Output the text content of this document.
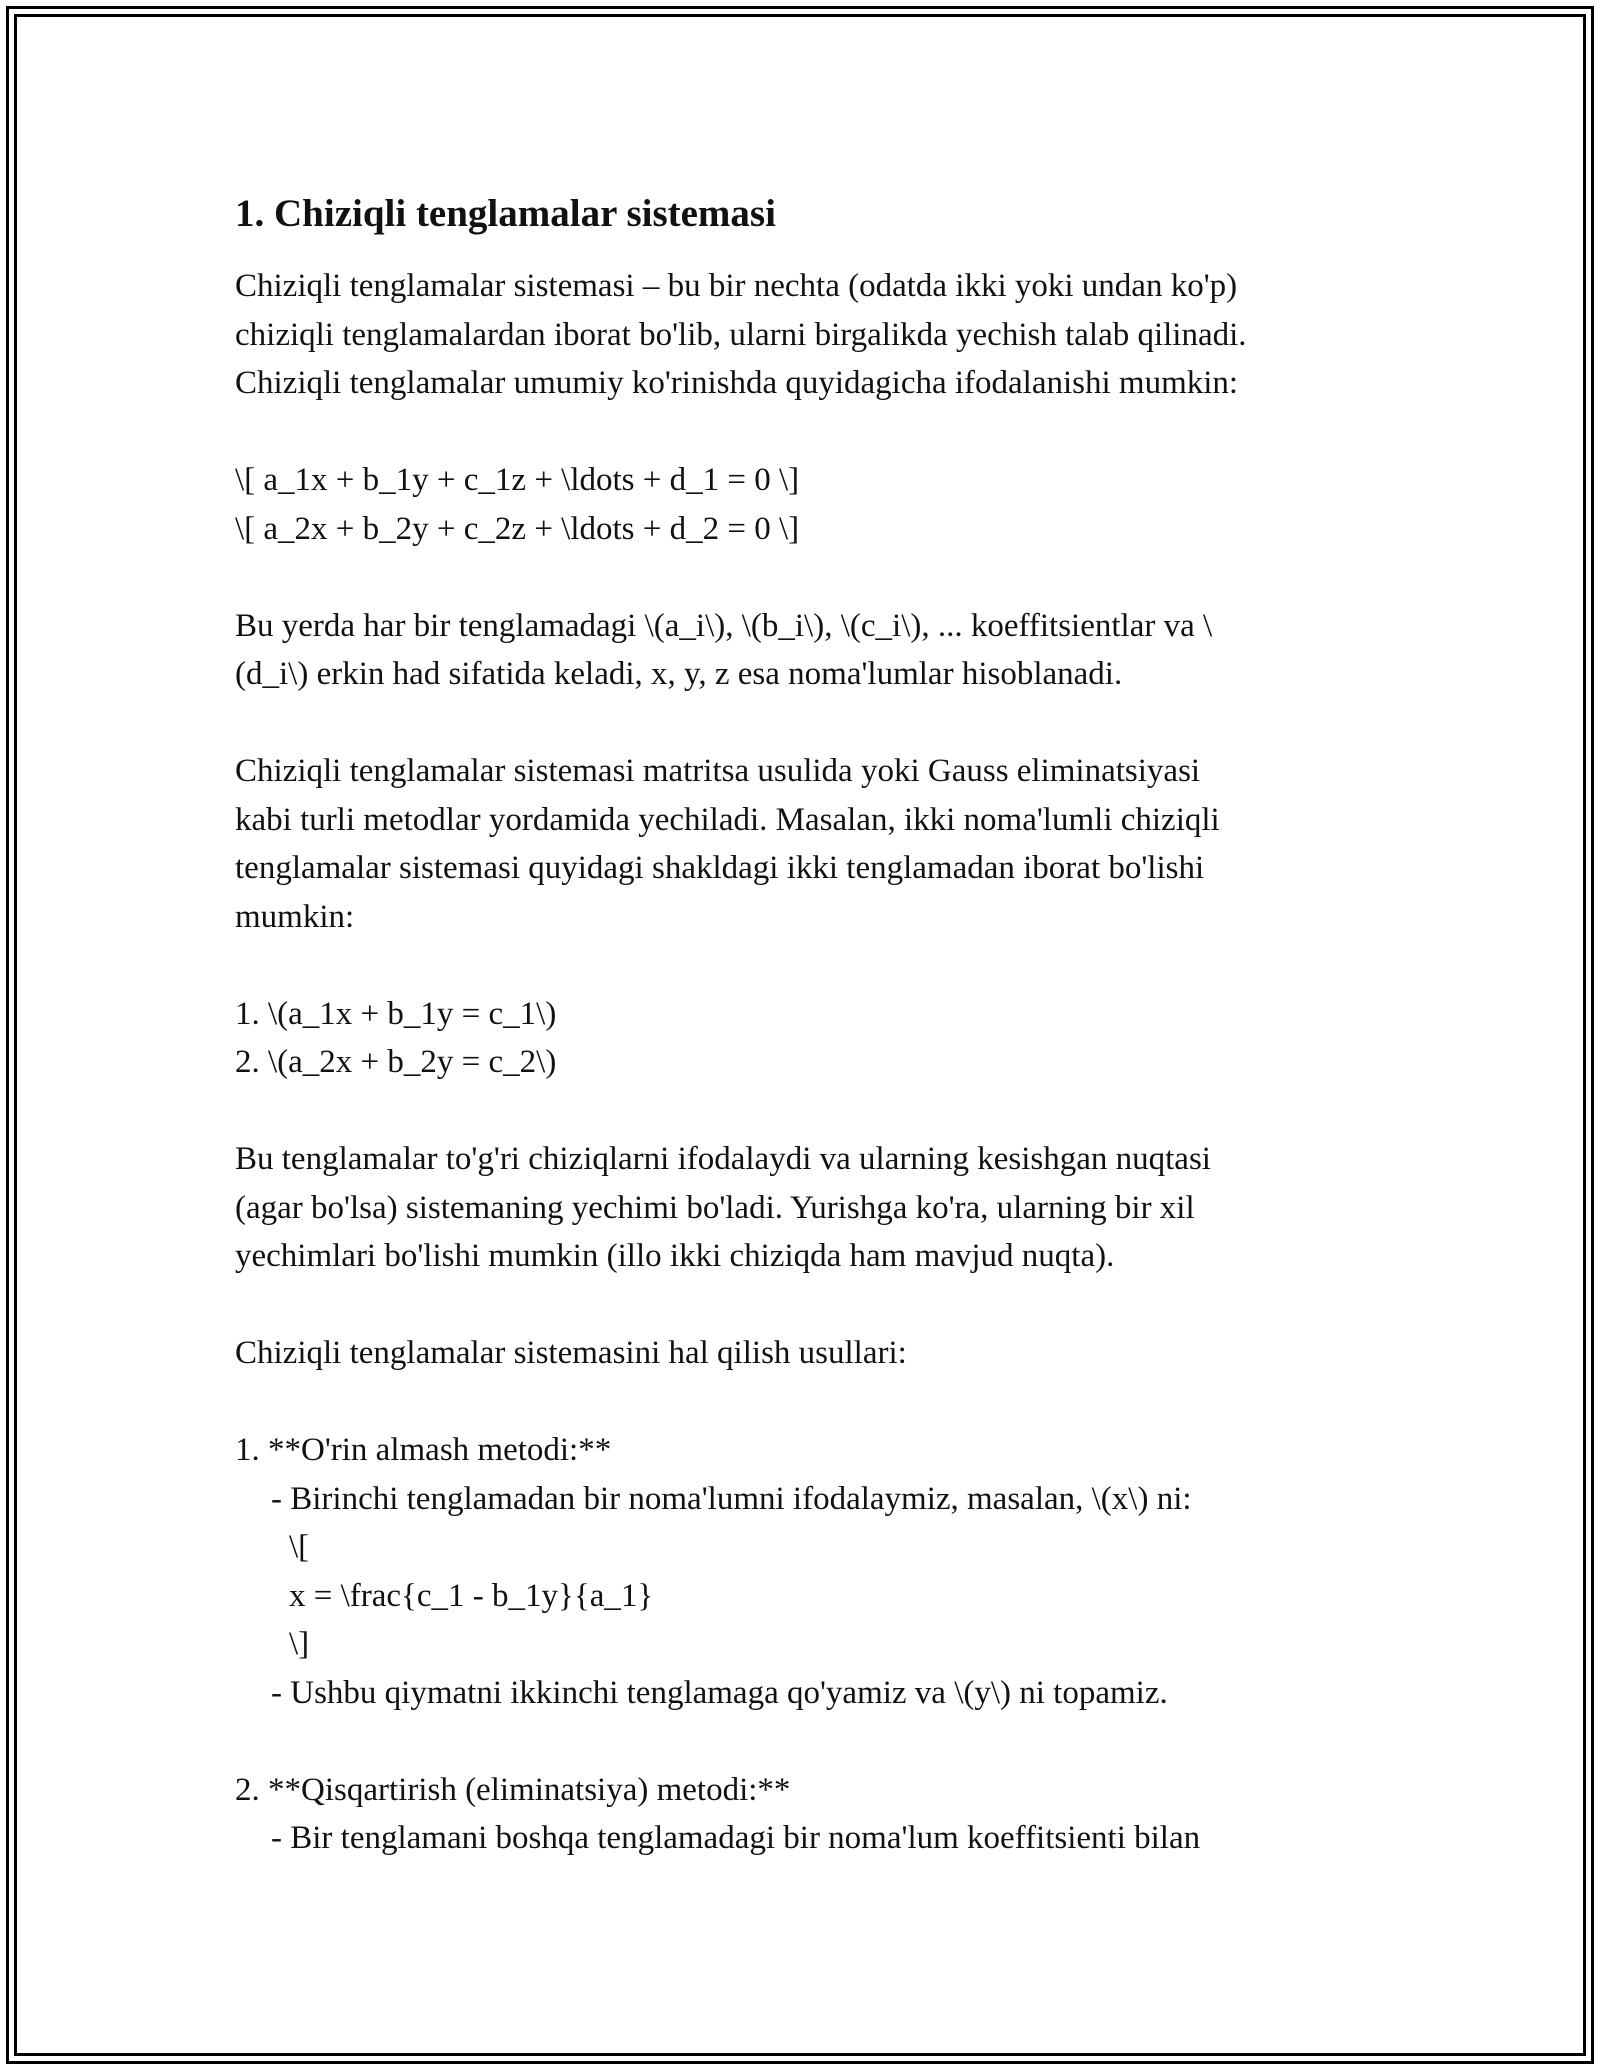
1. Chiziqli tenglamalar sistemasi

Chiziqli tenglamalar sistemasi – bu bir nechta (odatda ikki yoki undan ko'p)

chiziqli tenglamalardan iborat bo'lib, ularni birgalikda yechish talab qilinadi.

Chiziqli tenglamalar umumiy ko'rinishda quyidagicha ifodalanishi mumkin:

\[ a_1x + b_1y + c_1z + \ldots + d_1 = 0 \]

\[ a_2x + b_2y + c_2z + \ldots + d_2 = 0 \]

Bu yerda har bir tenglamadagi \(a_i\), \(b_i\), \(c_i\), ... koeffitsientlar va \

(d_i\) erkin had sifatida keladi, x, y, z esa noma'lumlar hisoblanadi.

Chiziqli tenglamalar sistemasi matritsa usulida yoki Gauss eliminatsiyasi

kabi turli metodlar yordamida yechiladi. Masalan, ikki noma'lumli chiziqli

tenglamalar sistemasi quyidagi shakldagi ikki tenglamadan iborat bo'lishi

mumkin:

1. \(a_1x + b_1y = c_1\)

2. \(a_2x + b_2y = c_2\)

Bu tenglamalar to'g'ri chiziqlarni ifodalaydi va ularning kesishgan nuqtasi

(agar bo'lsa) sistemaning yechimi bo'ladi. Yurishga ko'ra, ularning bir xil

yechimlari bo'lishi mumkin (illo ikki chiziqda ham mavjud nuqta).

Chiziqli tenglamalar sistemasini hal qilish usullari:

1. **O'rin almash metodi:**

- Birinchi tenglamadan bir noma'lumni ifodalaymiz, masalan, \(x\) ni:

\[

x = \frac{c_1 - b_1y}{a_1}

\]

- Ushbu qiymatni ikkinchi tenglamaga qo'yamiz va \(y\) ni topamiz.

2. **Qisqartirish (eliminatsiya) metodi:**

- Bir tenglamani boshqa tenglamadagi bir noma'lum koeffitsienti bilan
